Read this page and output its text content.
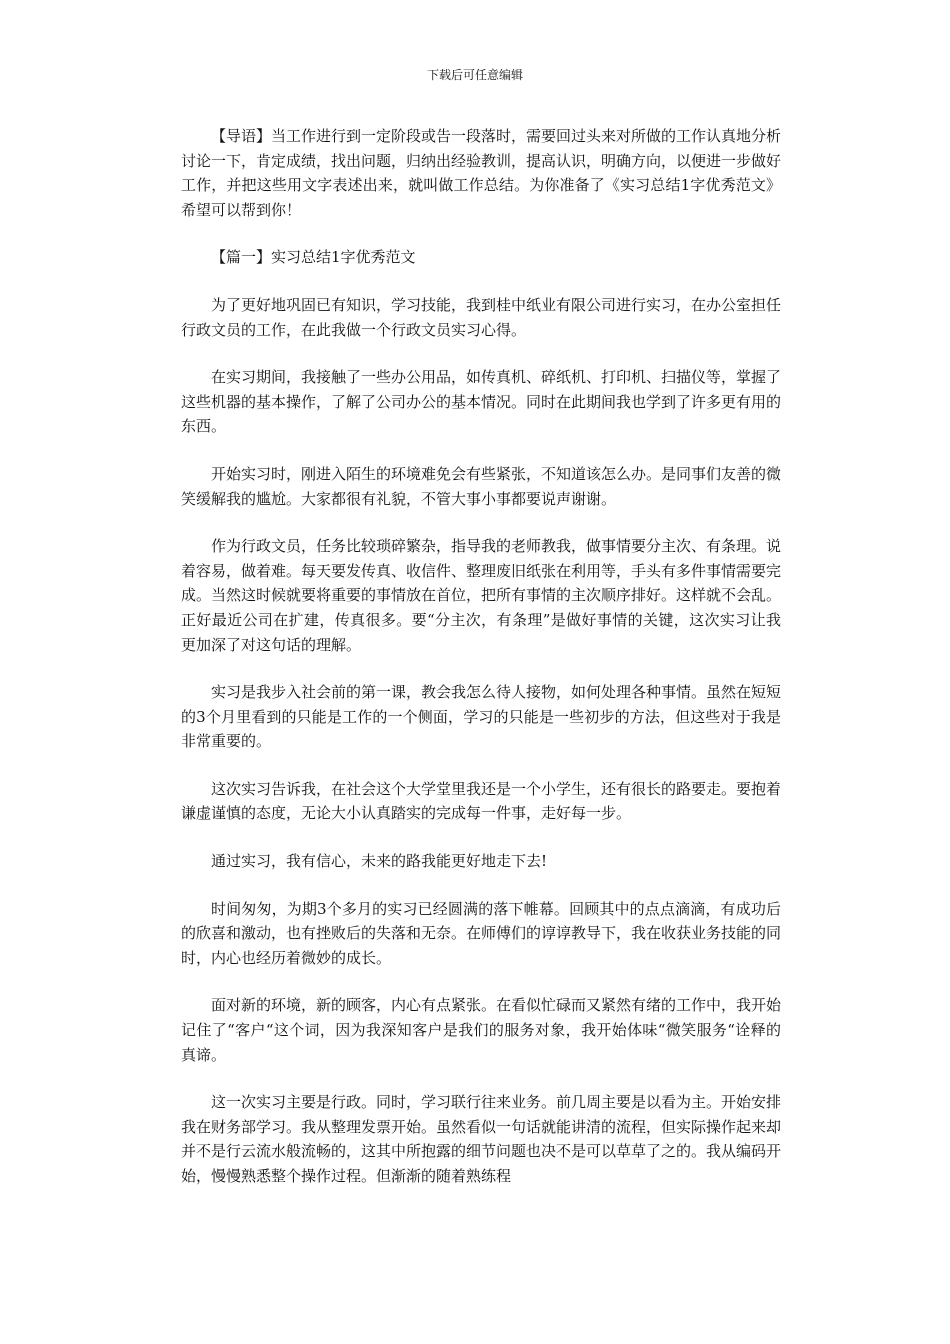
下载后可任意编辑

【导语】当工作进行到一定阶段或告一段落时，需要回过头来对所做的工作认真地分析讨论一下，肯定成绩，找出问题，归纳出经验教训，提高认识，明确方向，以便进一步做好工作，并把这些用文字表述出来，就叫做工作总结。为你准备了《实习总结1字优秀范文》希望可以帮到你！

【篇一】实习总结1字优秀范文

为了更好地巩固已有知识，学习技能，我到桂中纸业有限公司进行实习，在办公室担任行政文员的工作，在此我做一个行政文员实习心得。

在实习期间，我接触了一些办公用品，如传真机、碎纸机、打印机、扫描仪等，掌握了这些机器的基本操作，了解了公司办公的基本情况。同时在此期间我也学到了许多更有用的东西。

开始实习时，刚进入陌生的环境难免会有些紧张，不知道该怎么办。是同事们友善的微笑缓解我的尴尬。大家都很有礼貌，不管大事小事都要说声谢谢。

作为行政文员，任务比较琐碎繁杂，指导我的老师教我，做事情要分主次、有条理。说着容易，做着难。每天要发传真、收信件、整理废旧纸张在利用等，手头有多件事情需要完成。当然这时候就要将重要的事情放在首位，把所有事情的主次顺序排好。这样就不会乱。正好最近公司在扩建，传真很多。要“分主次，有条理”是做好事情的关键，这次实习让我更加深了对这句话的理解。

实习是我步入社会前的第一课，教会我怎么待人接物，如何处理各种事情。虽然在短短的3个月里看到的只能是工作的一个侧面，学习的只能是一些初步的方法，但这些对于我是非常重要的。

这次实习告诉我，在社会这个大学堂里我还是一个小学生，还有很长的路要走。要抱着谦虚谨慎的态度，无论大小认真踏实的完成每一件事，走好每一步。

通过实习，我有信心，未来的路我能更好地走下去!

时间匆匆，为期3个多月的实习已经圆满的落下帷幕。回顾其中的点点滴滴，有成功后的欣喜和激动，也有挫败后的失落和无奈。在师傅们的谆谆教导下，我在收获业务技能的同时，内心也经历着微妙的成长。

面对新的环境，新的顾客，内心有点紧张。在看似忙碌而又紧然有绪的工作中，我开始记住了“客户“这个词，因为我深知客户是我们的服务对象，我开始体味“微笑服务“诠释的真谛。

这一次实习主要是行政。同时，学习联行往来业务。前几周主要是以看为主。开始安排我在财务部学习。我从整理发票开始。虽然看似一句话就能讲清的流程，但实际操作起来却并不是行云流水般流畅的，这其中所抱露的细节问题也决不是可以草草了之的。我从编码开始，慢慢熟悉整个操作过程。但渐渐的随着熟练程
